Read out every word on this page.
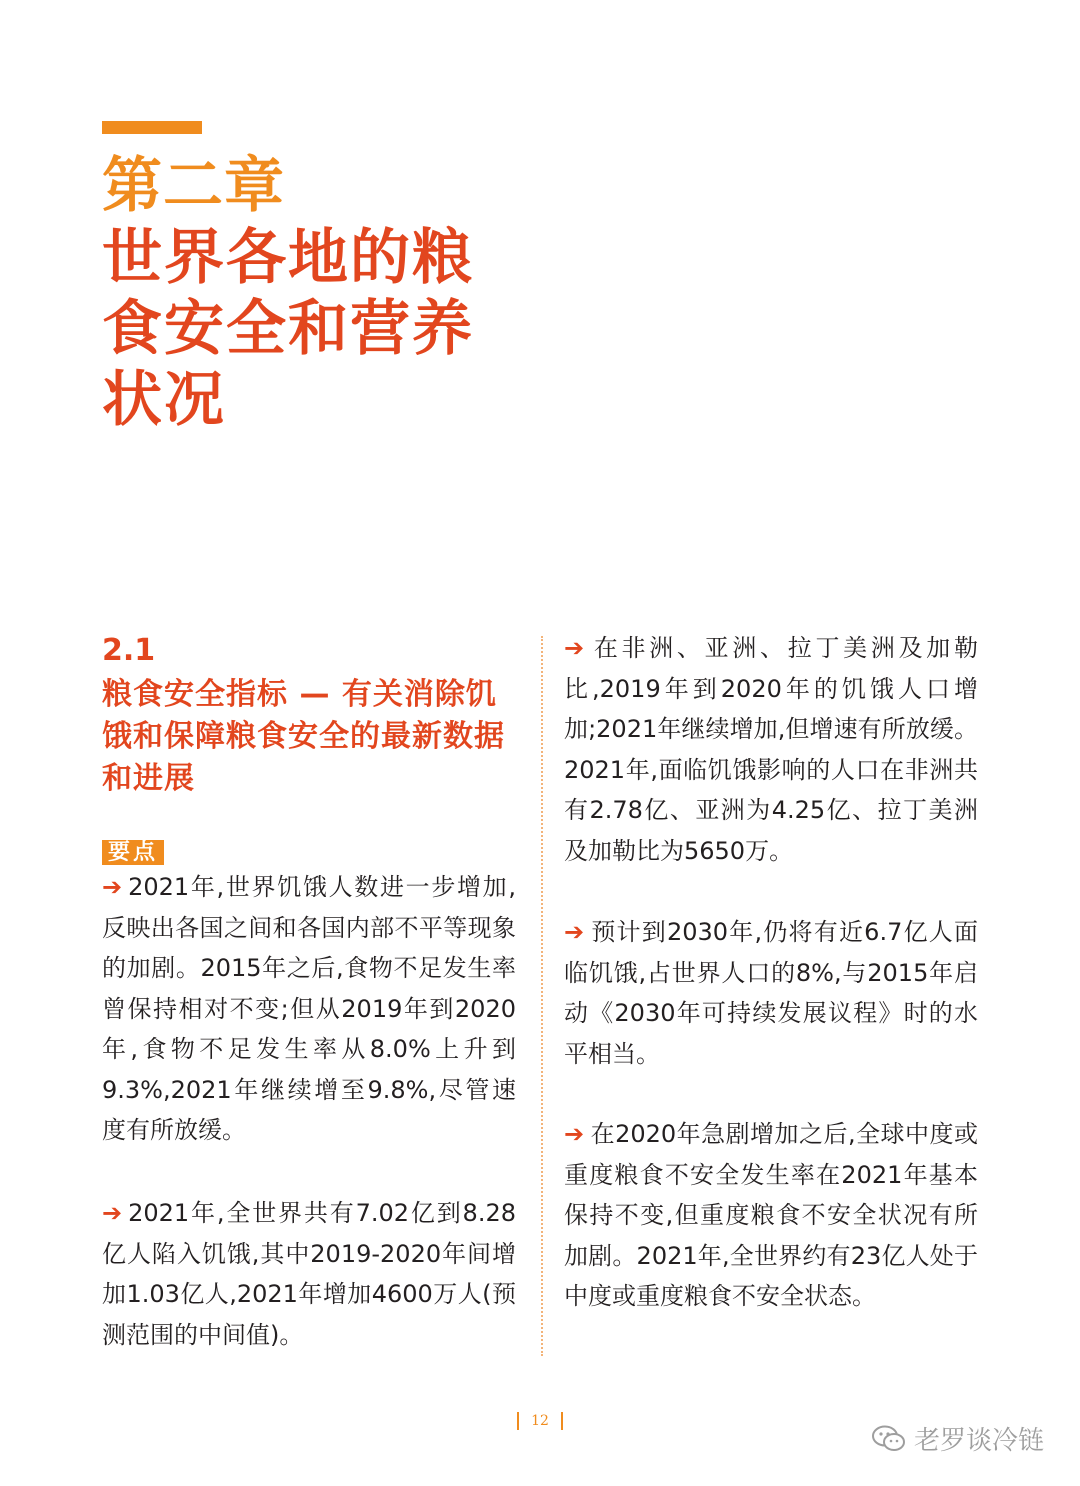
第二章
世界各地的粮食安全和营养状况
2.1
粮食安全指标 — 有关消除饥饿和保障粮食安全的最新数据和进展
要点
➔ 2021年,世界饥饿人数进一步增加,反映出各国之间和各国内部不平等现象的加剧。2015年之后,食物不足发生率曾保持相对不变;但从2019年到2020年,食物不足发生率从8.0%上升到9.3%,2021年继续增至9.8%,尽管速度有所放缓。
➔ 2021年,全世界共有7.02亿到8.28亿人陷入饥饿,其中2019-2020年间增加1.03亿人,2021年增加4600万人(预测范围的中间值)。
➔ 在非洲、亚洲、拉丁美洲及加勒比,2019年到2020年的饥饿人口增加;2021年继续增加,但增速有所放缓。2021年,面临饥饿影响的人口在非洲共有2.78亿、亚洲为4.25亿、拉丁美洲及加勒比为5650万。
➔ 预计到2030年,仍将有近6.7亿人面临饥饿,占世界人口的8%,与2015年启动《2030年可持续发展议程》时的水平相当。
➔ 在2020年急剧增加之后,全球中度或重度粮食不安全发生率在2021年基本保持不变,但重度粮食不安全状况有所加剧。2021年,全世界约有23亿人处于中度或重度粮食不安全状态。
12
老罗谈冷链
